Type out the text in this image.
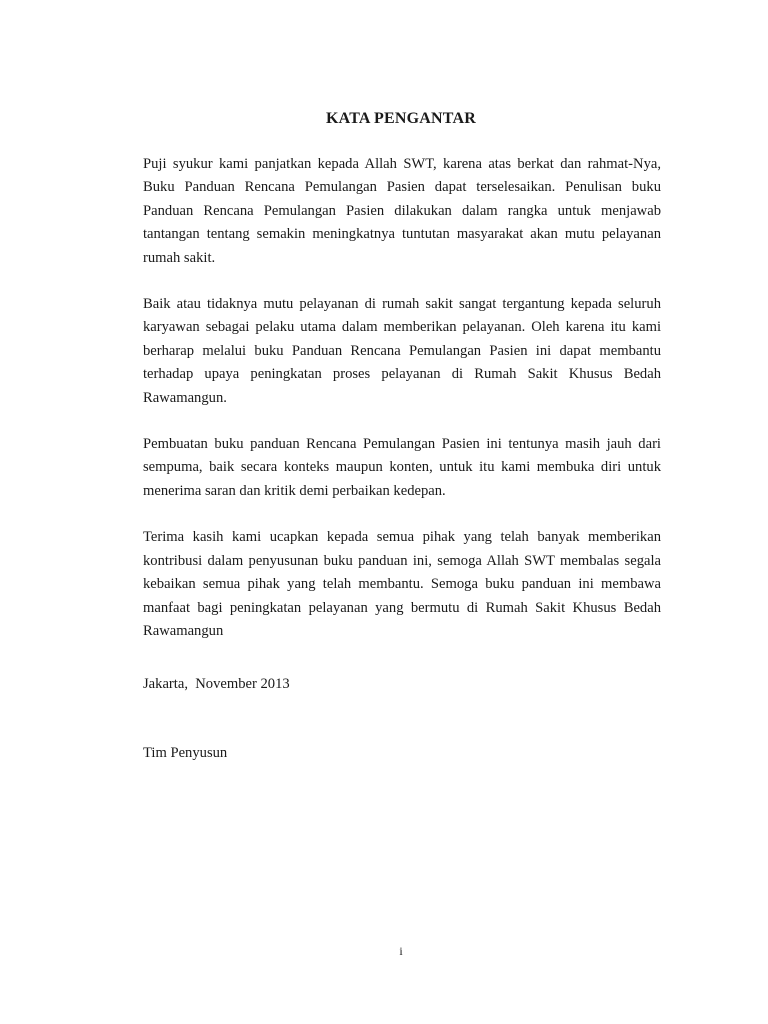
KATA PENGANTAR

Puji syukur kami panjatkan kepada Allah SWT, karena atas berkat dan rahmat-Nya, Buku Panduan Rencana Pemulangan Pasien dapat terselesaikan. Penulisan buku Panduan Rencana Pemulangan Pasien dilakukan dalam rangka untuk menjawab tantangan tentang semakin meningkatnya tuntutan masyarakat akan mutu pelayanan rumah sakit.

Baik atau tidaknya mutu pelayanan di rumah sakit sangat tergantung kepada seluruh karyawan sebagai pelaku utama dalam memberikan pelayanan. Oleh karena itu kami berharap melalui buku Panduan Rencana Pemulangan Pasien ini dapat membantu terhadap upaya peningkatan proses pelayanan di Rumah Sakit Khusus Bedah Rawamangun.

Pembuatan buku panduan Rencana Pemulangan Pasien ini tentunya masih jauh dari sempuma, baik secara konteks maupun konten, untuk itu kami membuka diri untuk menerima saran dan kritik demi perbaikan kedepan.

Terima kasih kami ucapkan kepada semua pihak yang telah banyak memberikan kontribusi dalam penyusunan buku panduan ini, semoga Allah SWT membalas segala kebaikan semua pihak yang telah membantu. Semoga buku panduan ini membawa manfaat bagi peningkatan pelayanan yang bermutu di Rumah Sakit Khusus Bedah Rawamangun

Jakarta,  November 2013

Tim Penyusun

i
